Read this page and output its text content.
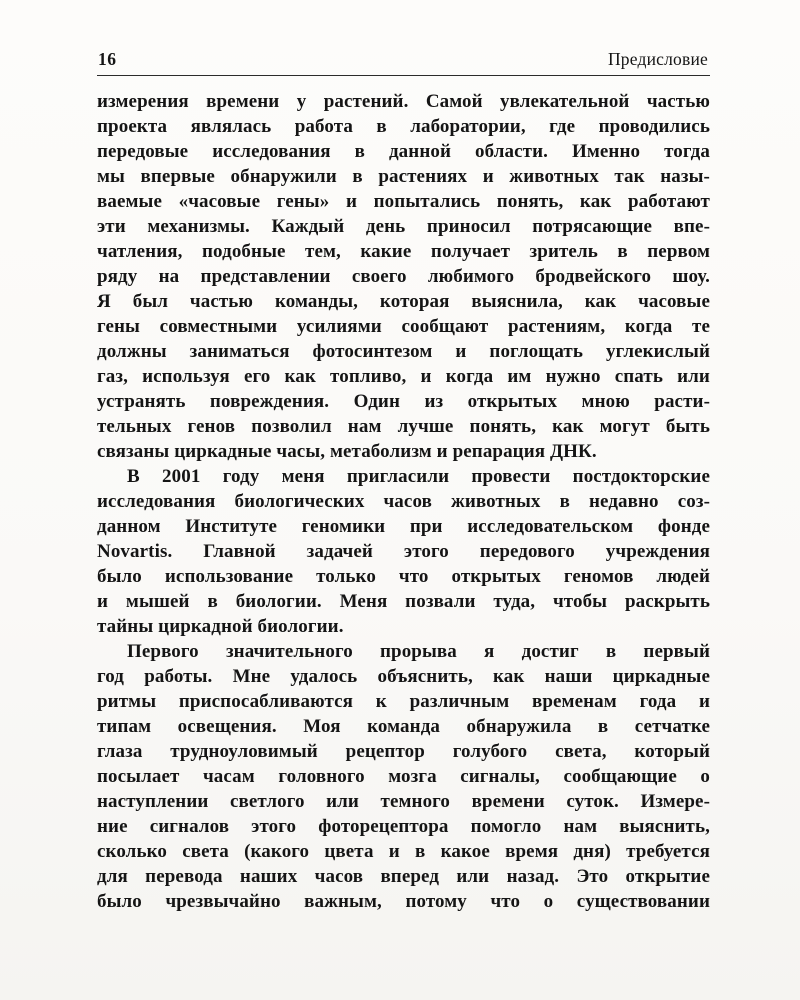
16	Предисловие
измерения времени у растений. Самой увлекательной частью
проекта являлась работа в лаборатории, где проводились
передовые исследования в данной области. Именно тогда
мы впервые обнаружили в растениях и животных так назы-
ваемые «часовые гены» и попытались понять, как работают
эти механизмы. Каждый день приносил потрясающие впе-
чатления, подобные тем, какие получает зритель в первом
ряду на представлении своего любимого бродвейского шоу.
Я был частью команды, которая выяснила, как часовые
гены совместными усилиями сообщают растениям, когда те
должны заниматься фотосинтезом и поглощать углекислый
газ, используя его как топливо, и когда им нужно спать или
устранять повреждения. Один из открытых мною расти-
тельных генов позволил нам лучше понять, как могут быть
связаны циркадные часы, метаболизм и репарация ДНК.
В 2001 году меня пригласили провести постдокторские
исследования биологических часов животных в недавно соз-
данном Институте геномики при исследовательском фонде
Novartis. Главной задачей этого передового учреждения
было использование только что открытых геномов людей
и мышей в биологии. Меня позвали туда, чтобы раскрыть
тайны циркадной биологии.
Первого значительного прорыва я достиг в первый
год работы. Мне удалось объяснить, как наши циркадные
ритмы приспосабливаются к различным временам года и
типам освещения. Моя команда обнаружила в сетчатке
глаза трудноуловимый рецептор голубого света, который
посылает часам головного мозга сигналы, сообщающие о
наступлении светлого или темного времени суток. Измере-
ние сигналов этого фоторецептора помогло нам выяснить,
сколько света (какого цвета и в какое время дня) требуется
для перевода наших часов вперед или назад. Это открытие
было чрезвычайно важным, потому что о существовании
